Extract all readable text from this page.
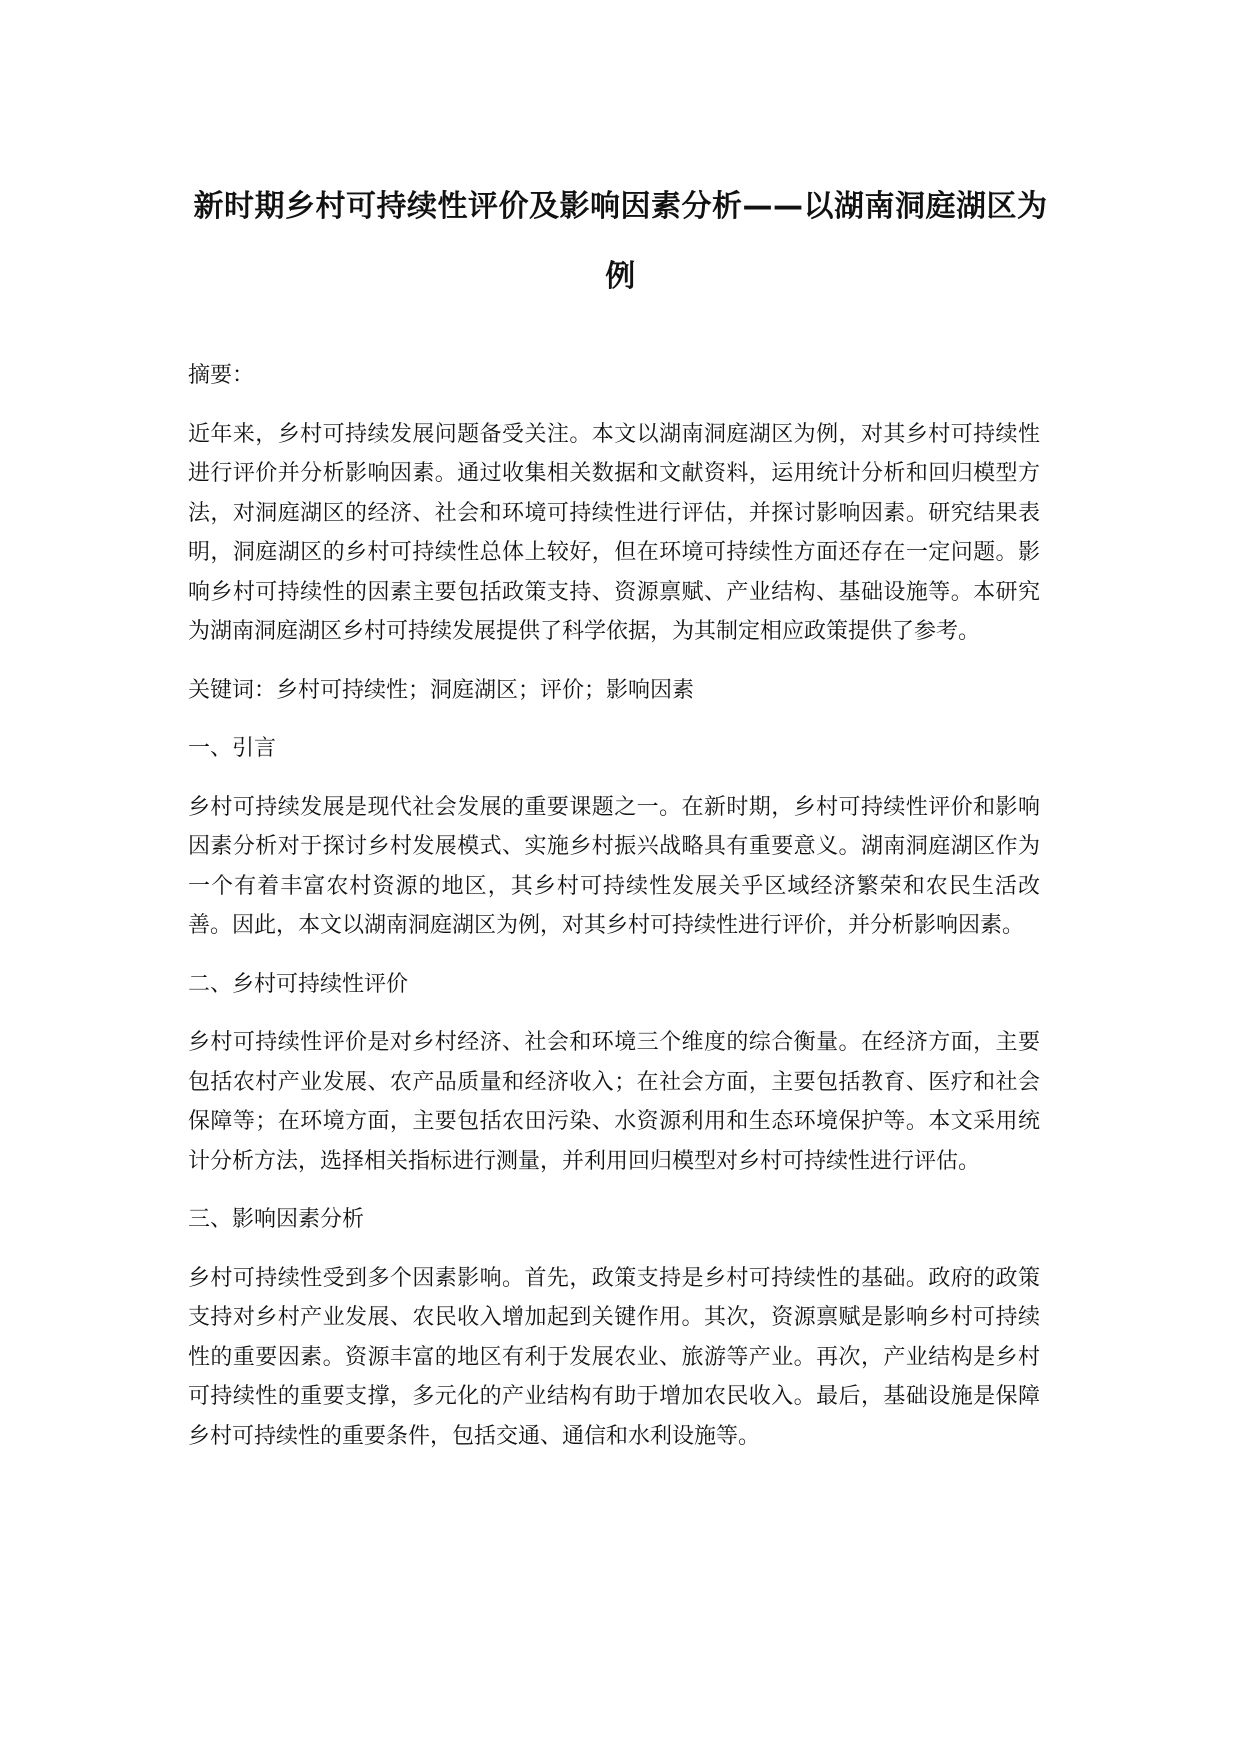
新时期乡村可持续性评价及影响因素分析——以湖南洞庭湖区为例

摘要：

近年来，乡村可持续发展问题备受关注。本文以湖南洞庭湖区为例，对其乡村可持续性进行评价并分析影响因素。通过收集相关数据和文献资料，运用统计分析和回归模型方法，对洞庭湖区的经济、社会和环境可持续性进行评估，并探讨影响因素。研究结果表明，洞庭湖区的乡村可持续性总体上较好，但在环境可持续性方面还存在一定问题。影响乡村可持续性的因素主要包括政策支持、资源禀赋、产业结构、基础设施等。本研究为湖南洞庭湖区乡村可持续发展提供了科学依据，为其制定相应政策提供了参考。

关键词：乡村可持续性；洞庭湖区；评价；影响因素

一、引言

乡村可持续发展是现代社会发展的重要课题之一。在新时期，乡村可持续性评价和影响因素分析对于探讨乡村发展模式、实施乡村振兴战略具有重要意义。湖南洞庭湖区作为一个有着丰富农村资源的地区，其乡村可持续性发展关乎区域经济繁荣和农民生活改善。因此，本文以湖南洞庭湖区为例，对其乡村可持续性进行评价，并分析影响因素。

二、乡村可持续性评价

乡村可持续性评价是对乡村经济、社会和环境三个维度的综合衡量。在经济方面，主要包括农村产业发展、农产品质量和经济收入；在社会方面，主要包括教育、医疗和社会保障等；在环境方面，主要包括农田污染、水资源利用和生态环境保护等。本文采用统计分析方法，选择相关指标进行测量，并利用回归模型对乡村可持续性进行评估。

三、影响因素分析

乡村可持续性受到多个因素影响。首先，政策支持是乡村可持续性的基础。政府的政策支持对乡村产业发展、农民收入增加起到关键作用。其次，资源禀赋是影响乡村可持续性的重要因素。资源丰富的地区有利于发展农业、旅游等产业。再次，产业结构是乡村可持续性的重要支撑，多元化的产业结构有助于增加农民收入。最后，基础设施是保障乡村可持续性的重要条件，包括交通、通信和水利设施等。
